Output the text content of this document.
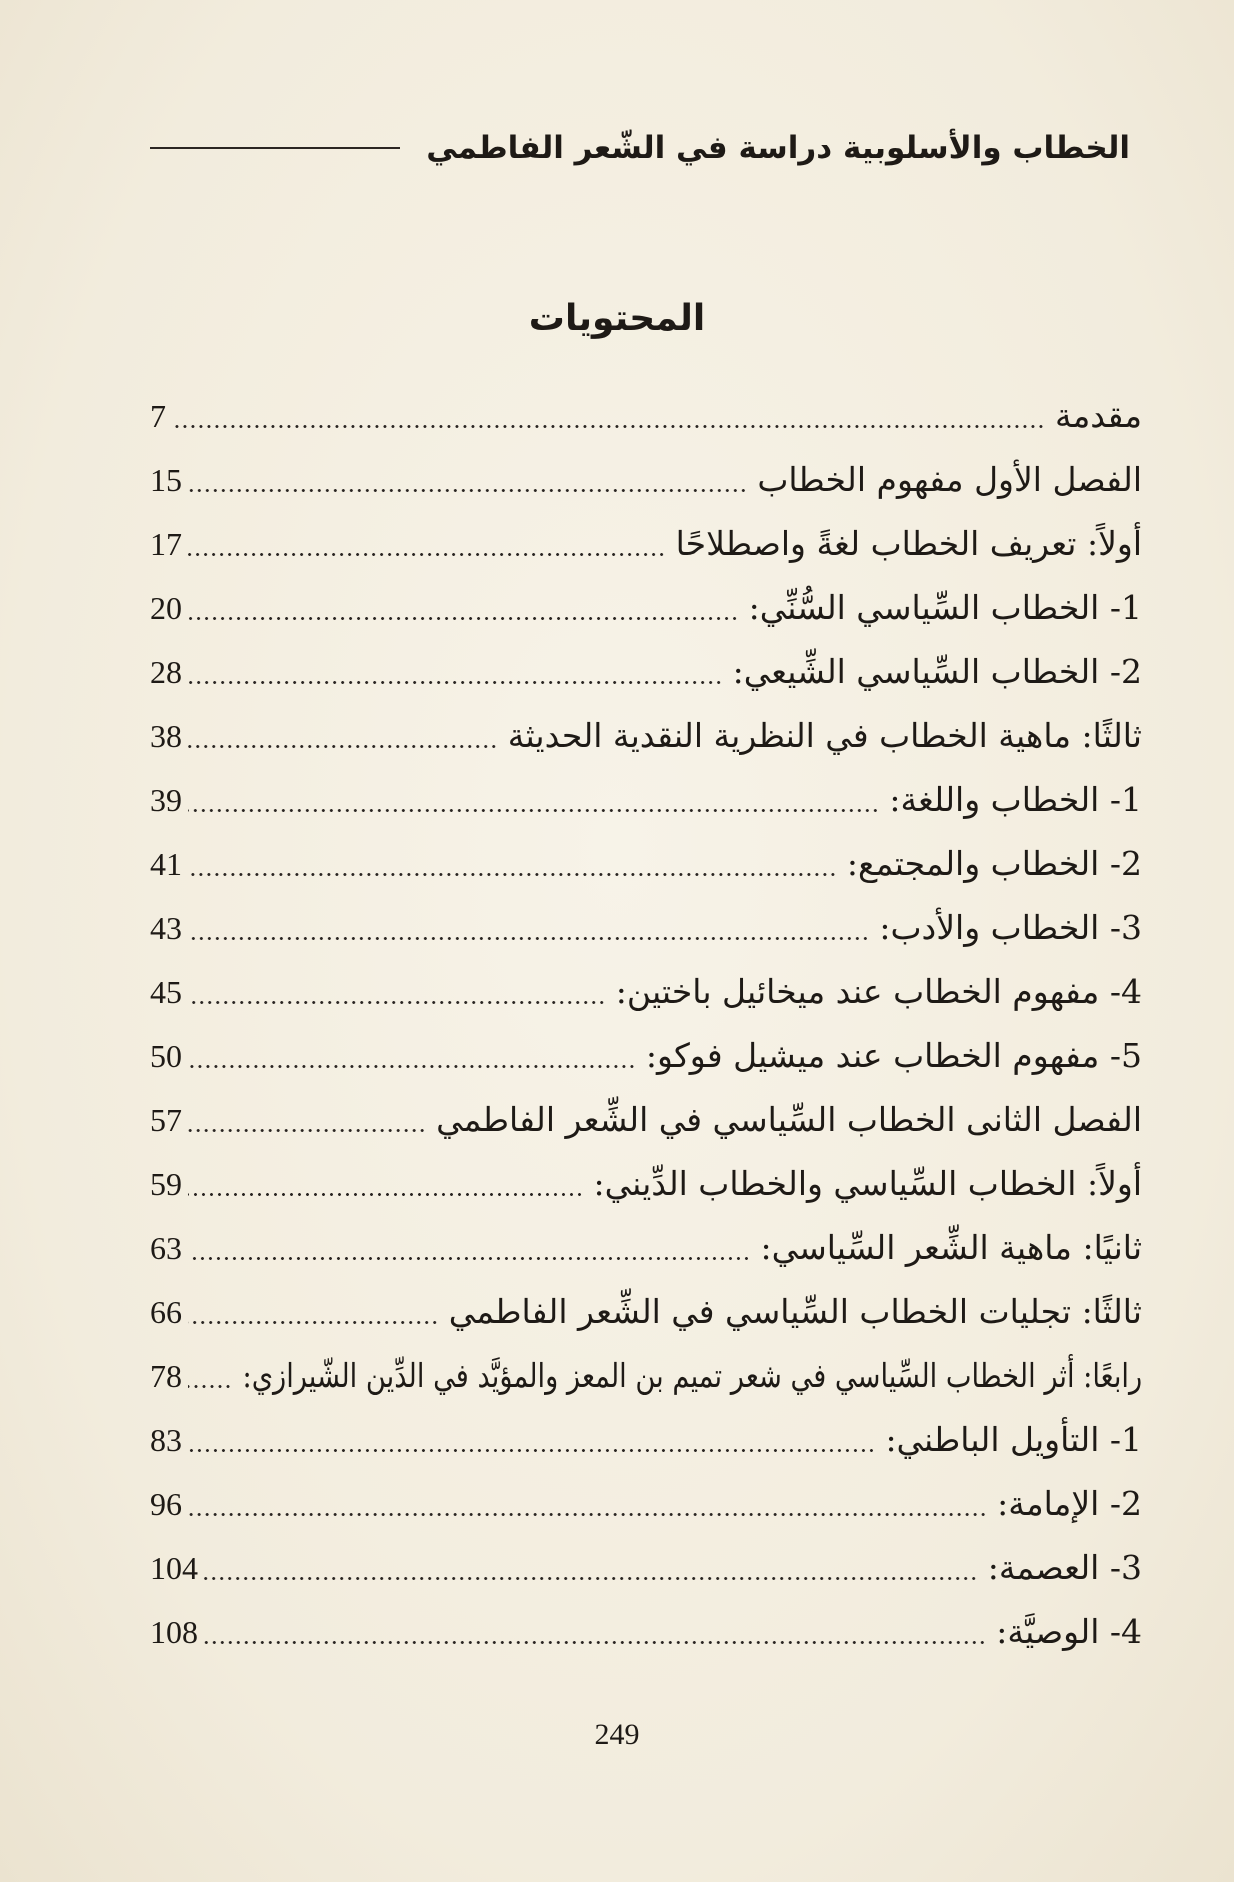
الخطاب والأسلوبية دراسة في الشّعر الفاطمي
المحتويات
مقدمة
7
الفصل الأول مفهوم الخطاب
15
أولاً: تعريف الخطاب لغةً واصطلاحًا
17
1- الخطاب السِّياسي السُّنِّي:
20
2- الخطاب السِّياسي الشِّيعي:
28
ثالثًا: ماهية الخطاب في النظرية النقدية الحديثة
38
1- الخطاب واللغة:
39
2- الخطاب والمجتمع:
41
3- الخطاب والأدب:
43
4- مفهوم الخطاب عند ميخائيل باختين:
45
5- مفهوم الخطاب عند ميشيل فوكو:
50
الفصل الثانى الخطاب السِّياسي في الشِّعر الفاطمي
57
أولاً: الخطاب السِّياسي والخطاب الدِّيني:
59
ثانيًا: ماهية الشِّعر السِّياسي:
63
ثالثًا: تجليات الخطاب السِّياسي في الشِّعر الفاطمي
66
رابعًا: أثر الخطاب السِّياسي في شعر تميم بن المعز والمؤيَّد في الدِّين الشّيرازي:
78
1- التأويل الباطني:
83
2- الإمامة:
96
3- العصمة:
104
4- الوصيَّة:
108
249
